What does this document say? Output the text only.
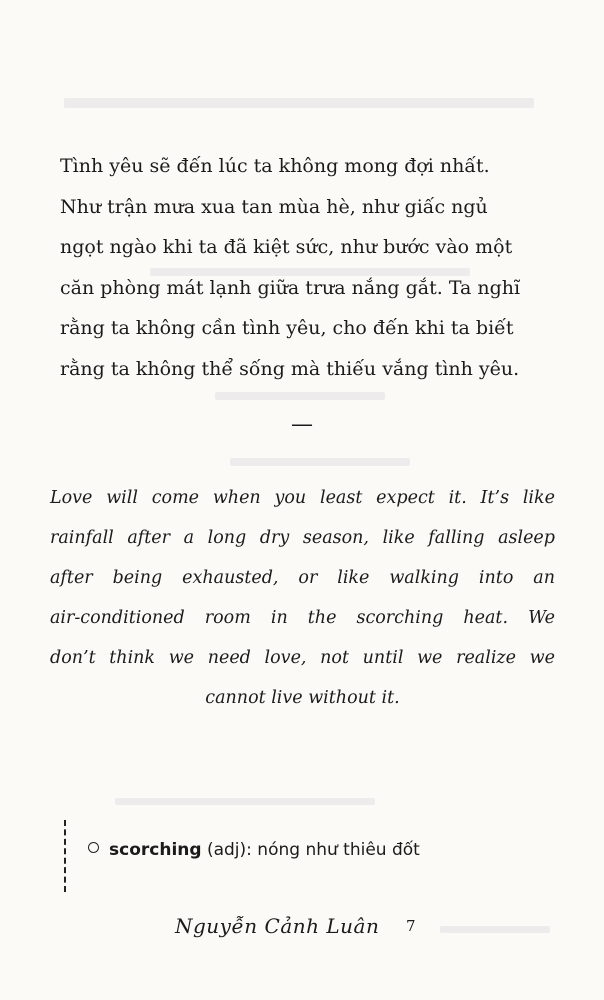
Tình yêu sẽ đến lúc ta không mong đợi nhất.
Như trận mưa xua tan mùa hè, như giấc ngủ
ngọt ngào khi ta đã kiệt sức, như bước vào một
căn phòng mát lạnh giữa trưa nắng gắt. Ta nghĩ
rằng ta không cần tình yêu, cho đến khi ta biết
rằng ta không thể sống mà thiếu vắng tình yêu.
—
Love will come when you least expect it. It’s like
rainfall after a long dry season, like falling asleep
after being exhausted, or like walking into an
air-conditioned room in the scorching heat. We
don’t think we need love, not until we realize we
cannot live without it.
scorching (adj): nóng như thiêu đốt
Nguyễn Cảnh Luân 7
